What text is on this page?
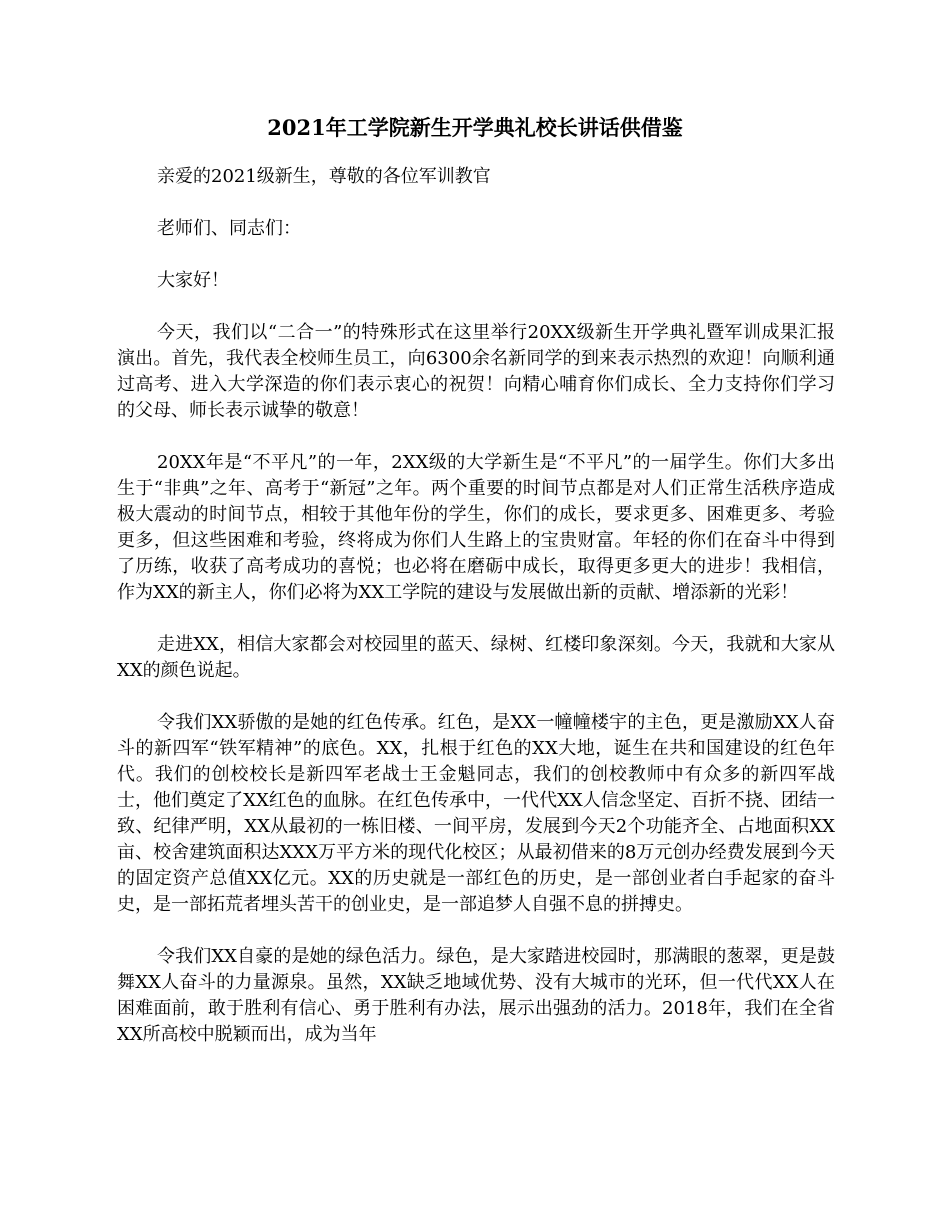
2021年工学院新生开学典礼校长讲话供借鉴

亲爱的2021级新生，尊敬的各位军训教官

老师们、同志们：

大家好！

今天，我们以“二合一”的特殊形式在这里举行20XX级新生开学典礼暨军训成果汇报演出。首先，我代表全校师生员工，向6300余名新同学的到来表示热烈的欢迎！向顺利通过高考、进入大学深造的你们表示衷心的祝贺！向精心哺育你们成长、全力支持你们学习的父母、师长表示诚挚的敬意！

20XX年是“不平凡”的一年，2XX级的大学新生是“不平凡”的一届学生。你们大多出生于“非典”之年、高考于“新冠”之年。两个重要的时间节点都是对人们正常生活秩序造成极大震动的时间节点，相较于其他年份的学生，你们的成长，要求更多、困难更多、考验更多，但这些困难和考验，终将成为你们人生路上的宝贵财富。年轻的你们在奋斗中得到了历练，收获了高考成功的喜悦；也必将在磨砺中成长，取得更多更大的进步！我相信，作为XX的新主人，你们必将为XX工学院的建设与发展做出新的贡献、增添新的光彩！

走进XX，相信大家都会对校园里的蓝天、绿树、红楼印象深刻。今天，我就和大家从XX的颜色说起。

令我们XX骄傲的是她的红色传承。红色，是XX一幢幢楼宇的主色，更是激励XX人奋斗的新四军“铁军精神”的底色。XX，扎根于红色的XX大地，诞生在共和国建设的红色年代。我们的创校校长是新四军老战士王金魁同志，我们的创校教师中有众多的新四军战士，他们奠定了XX红色的血脉。在红色传承中，一代代XX人信念坚定、百折不挠、团结一致、纪律严明，XX从最初的一栋旧楼、一间平房，发展到今天2个功能齐全、占地面积XX亩、校舍建筑面积达XXX万平方米的现代化校区；从最初借来的8万元创办经费发展到今天的固定资产总值XX亿元。XX的历史就是一部红色的历史，是一部创业者白手起家的奋斗史，是一部拓荒者埋头苦干的创业史，是一部追梦人自强不息的拼搏史。

令我们XX自豪的是她的绿色活力。绿色，是大家踏进校园时，那满眼的葱翠，更是鼓舞XX人奋斗的力量源泉。虽然，XX缺乏地域优势、没有大城市的光环，但一代代XX人在困难面前，敢于胜利有信心、勇于胜利有办法，展示出强劲的活力。2018年，我们在全省XX所高校中脱颖而出，成为当年
